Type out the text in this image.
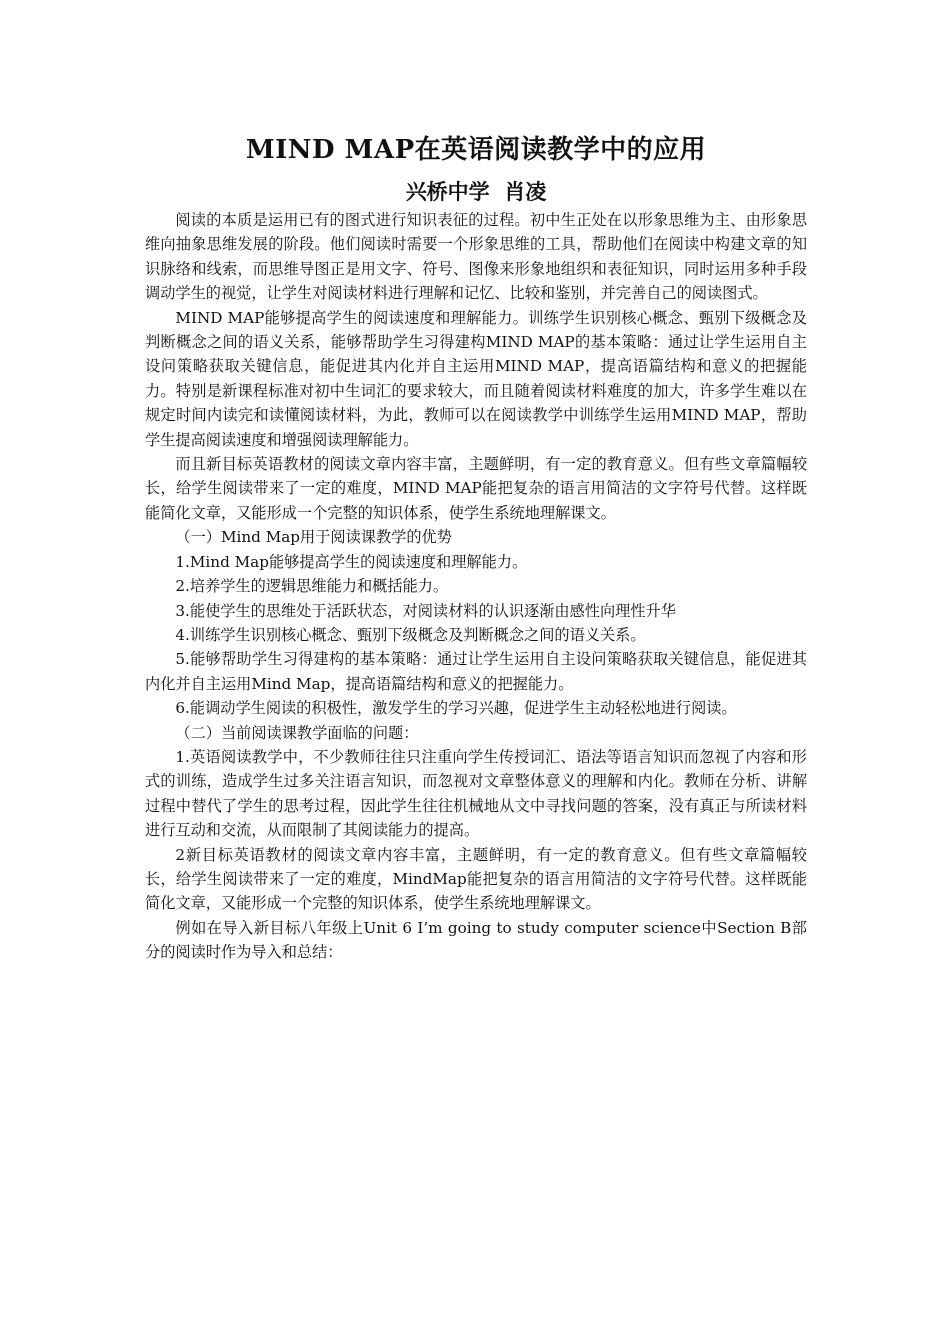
MIND MAP在英语阅读教学中的应用
兴桥中学  肖凌

阅读的本质是运用已有的图式进行知识表征的过程。初中生正处在以形象思维为主、由形象思维向抽象思维发展的阶段。他们阅读时需要一个形象思维的工具，帮助他们在阅读中构建文章的知识脉络和线索，而思维导图正是用文字、符号、图像来形象地组织和表征知识，同时运用多种手段调动学生的视觉，让学生对阅读材料进行理解和记忆、比较和鉴别，并完善自己的阅读图式。

MIND MAP能够提高学生的阅读速度和理解能力。训练学生识别核心概念、甄别下级概念及判断概念之间的语义关系，能够帮助学生习得建构MIND MAP的基本策略：通过让学生运用自主设问策略获取关键信息，能促进其内化并自主运用MIND MAP，提高语篇结构和意义的把握能力。特别是新课程标准对初中生词汇的要求较大，而且随着阅读材料难度的加大，许多学生难以在规定时间内读完和读懂阅读材料，为此，教师可以在阅读教学中训练学生运用MIND MAP，帮助学生提高阅读速度和增强阅读理解能力。

而且新目标英语教材的阅读文章内容丰富，主题鲜明，有一定的教育意义。但有些文章篇幅较长，给学生阅读带来了一定的难度，MIND MAP能把复杂的语言用简洁的文字符号代替。这样既能简化文章，又能形成一个完整的知识体系，使学生系统地理解课文。

（一）Mind Map用于阅读课教学的优势

1.Mind Map能够提高学生的阅读速度和理解能力。

2.培养学生的逻辑思维能力和概括能力。

3.能使学生的思维处于活跃状态，对阅读材料的认识逐渐由感性向理性升华

4.训练学生识别核心概念、甄别下级概念及判断概念之间的语义关系。

5.能够帮助学生习得建构的基本策略：通过让学生运用自主设问策略获取关键信息，能促进其内化并自主运用Mind Map，提高语篇结构和意义的把握能力。

6.能调动学生阅读的积极性，激发学生的学习兴趣，促进学生主动轻松地进行阅读。

（二）当前阅读课教学面临的问题：

1.英语阅读教学中，不少教师往往只注重向学生传授词汇、语法等语言知识而忽视了内容和形式的训练，造成学生过多关注语言知识，而忽视对文章整体意义的理解和内化。教师在分析、讲解过程中替代了学生的思考过程，因此学生往往机械地从文中寻找问题的答案，没有真正与所读材料进行互动和交流，从而限制了其阅读能力的提高。

2新目标英语教材的阅读文章内容丰富，主题鲜明，有一定的教育意义。但有些文章篇幅较长，给学生阅读带来了一定的难度，MindMap能把复杂的语言用简洁的文字符号代替。这样既能简化文章，又能形成一个完整的知识体系，使学生系统地理解课文。

例如在导入新目标八年级上Unit 6 I’m going to study computer science中Section B部分的阅读时作为导入和总结：
